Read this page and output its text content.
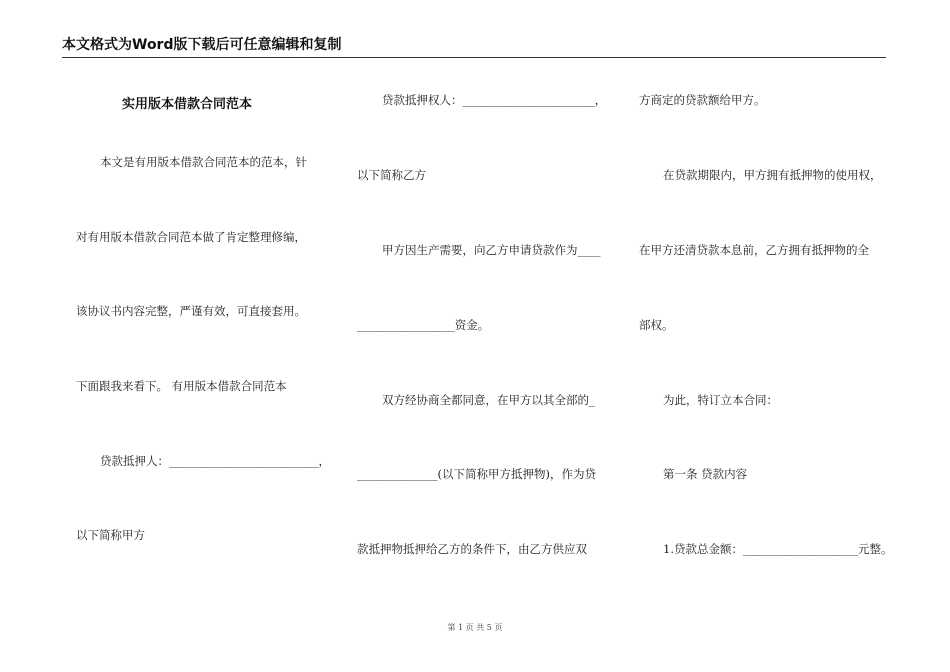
本文格式为Word版下载后可任意编辑和复制
实用版本借款合同范本
本文是有用版本借款合同范本的范本，针
对有用版本借款合同范本做了肯定整理修编，
该协议书内容完整，严谨有效，可直接套用。
下面跟我来看下。 有用版本借款合同范本
贷款抵押人：__________________________，
以下简称甲方
贷款抵押权人：_______________________，
以下简称乙方
甲方因生产需要，向乙方申请贷款作为____
_________________资金。
双方经协商全都同意，在甲方以其全部的_
______________(以下简称甲方抵押物)，作为贷
款抵押物抵押给乙方的条件下，由乙方供应双
方商定的贷款额给甲方。
在贷款期限内，甲方拥有抵押物的使用权，
在甲方还清贷款本息前，乙方拥有抵押物的全
部权。
为此，特订立本合同：
第一条 贷款内容
1.贷款总金额：____________________元整。
第 1 页 共 5 页
